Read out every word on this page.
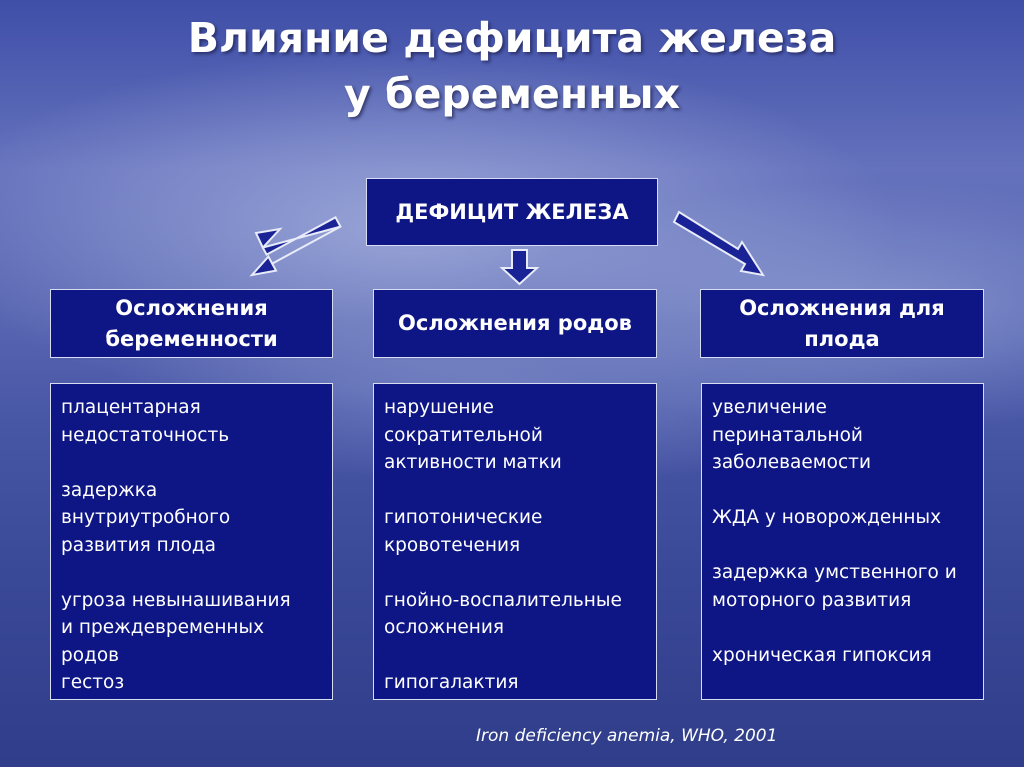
Влияние дефицита железа
у беременных
ДЕФИЦИТ ЖЕЛЕЗА
Осложнения
беременности
Осложнения родов
Осложнения для
плода
плацентарная
недостаточность
задержка
внутриутробного
развития плода
угроза невынашивания
и преждевременных
родов
гестоз
нарушение
сократительной
активности матки
гипотонические
кровотечения
гнойно-воспалительные
осложнения
гипогалактия
увеличение
перинатальной
заболеваемости
ЖДА у новорожденных
задержка умственного и
моторного развития
хроническая гипоксия
Iron deficiency anemia, WHO, 2001
